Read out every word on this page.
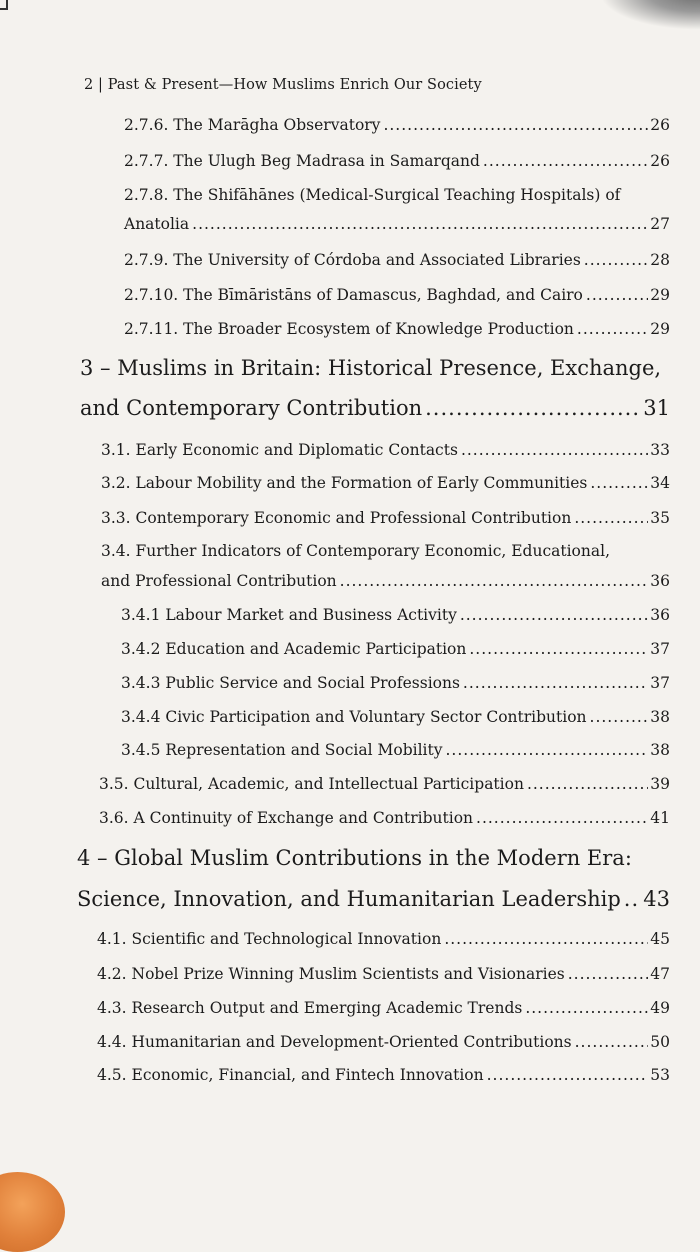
2 | Past & Present—How Muslims Enrich Our Society
2.7.6. The Marāgha Observatory .....	26
2.7.7. The Ulugh Beg Madrasa in Samarqand .....	26
2.7.8. The Shifāhānes (Medical-Surgical Teaching Hospitals) of
Anatolia .....	27
2.7.9. The University of Córdoba and Associated Libraries .....	28
2.7.10. The Bīmāristāns of Damascus, Baghdad, and Cairo .....	29
2.7.11. The Broader Ecosystem of Knowledge Production .....	29
3 – Muslims in Britain: Historical Presence, Exchange,
and Contemporary Contribution .....	31
3.1. Early Economic and Diplomatic Contacts .....	33
3.2. Labour Mobility and the Formation of Early Communities .....	34
3.3. Contemporary Economic and Professional Contribution .....	35
3.4. Further Indicators of Contemporary Economic, Educational,
and Professional Contribution .....	36
3.4.1 Labour Market and Business Activity .....	36
3.4.2 Education and Academic Participation .....	37
3.4.3 Public Service and Social Professions .....	37
3.4.4 Civic Participation and Voluntary Sector Contribution .....	38
3.4.5 Representation and Social Mobility .....	38
3.5. Cultural, Academic, and Intellectual Participation .....	39
3.6. A Continuity of Exchange and Contribution .....	41
4 – Global Muslim Contributions in the Modern Era:
Science, Innovation, and Humanitarian Leadership ..... 43
4.1. Scientific and Technological Innovation .....	45
4.2. Nobel Prize Winning Muslim Scientists and Visionaries .....	47
4.3. Research Output and Emerging Academic Trends .....	49
4.4. Humanitarian and Development-Oriented Contributions .....	50
4.5. Economic, Financial, and Fintech Innovation .....	53
